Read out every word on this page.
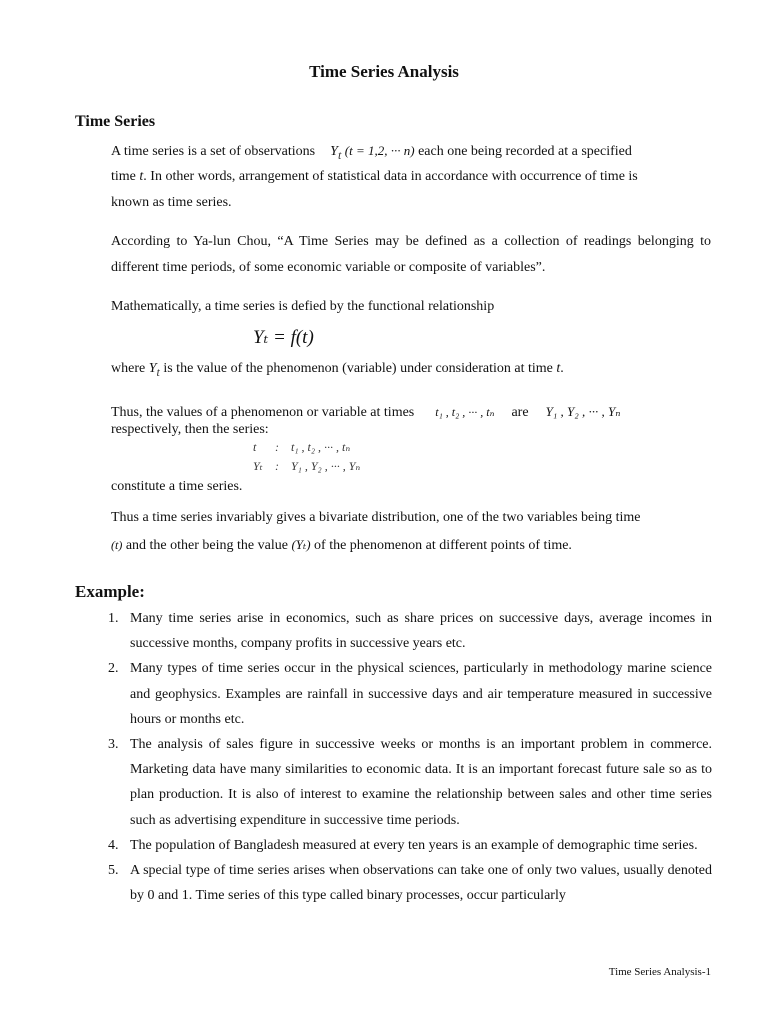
Time Series Analysis
Time Series
A time series is a set of observations $Y_t$ (t = 1,2, ··· n) each one being recorded at a specified
time t. In other words, arrangement of statistical data in accordance with occurrence of time is
known as time series.

According to Ya-lun Chou, “A Time Series may be defined as a collection of readings belonging to different time periods, of some economic variable or composite of variables”.

Mathematically, a time series is defied by the functional relationship
Yₜ = f(t)
where $Y_t$ is the value of the phenomenon (variable) under consideration at time t.
Thus, the values of a phenomenon or variable at times t₁ , t₂ , ··· , tₙ are Y₁ , Y₂ , ··· , Yₙ
respectively, then the series:
t : t₁ , t₂ , ··· , tₙ
Yₜ : Y₁ , Y₂ , ··· , Yₙ
constitute a time series.
Thus a time series invariably gives a bivariate distribution, one of the two variables being time
(t) and the other being the value (Yₜ) of the phenomenon at different points of time.
Example:
1. Many time series arise in economics, such as share prices on successive days, average incomes in successive months, company profits in successive years etc.
2. Many types of time series occur in the physical sciences, particularly in methodology marine science and geophysics. Examples are rainfall in successive days and air temperature measured in successive hours or months etc.
3. The analysis of sales figure in successive weeks or months is an important problem in commerce. Marketing data have many similarities to economic data. It is an important forecast future sale so as to plan production. It is also of interest to examine the relationship between sales and other time series such as advertising expenditure in successive time periods.
4. The population of Bangladesh measured at every ten years is an example of demographic time series.
5. A special type of time series arises when observations can take one of only two values, usually denoted by 0 and 1. Time series of this type called binary processes, occur particularly
Time Series Analysis-1
